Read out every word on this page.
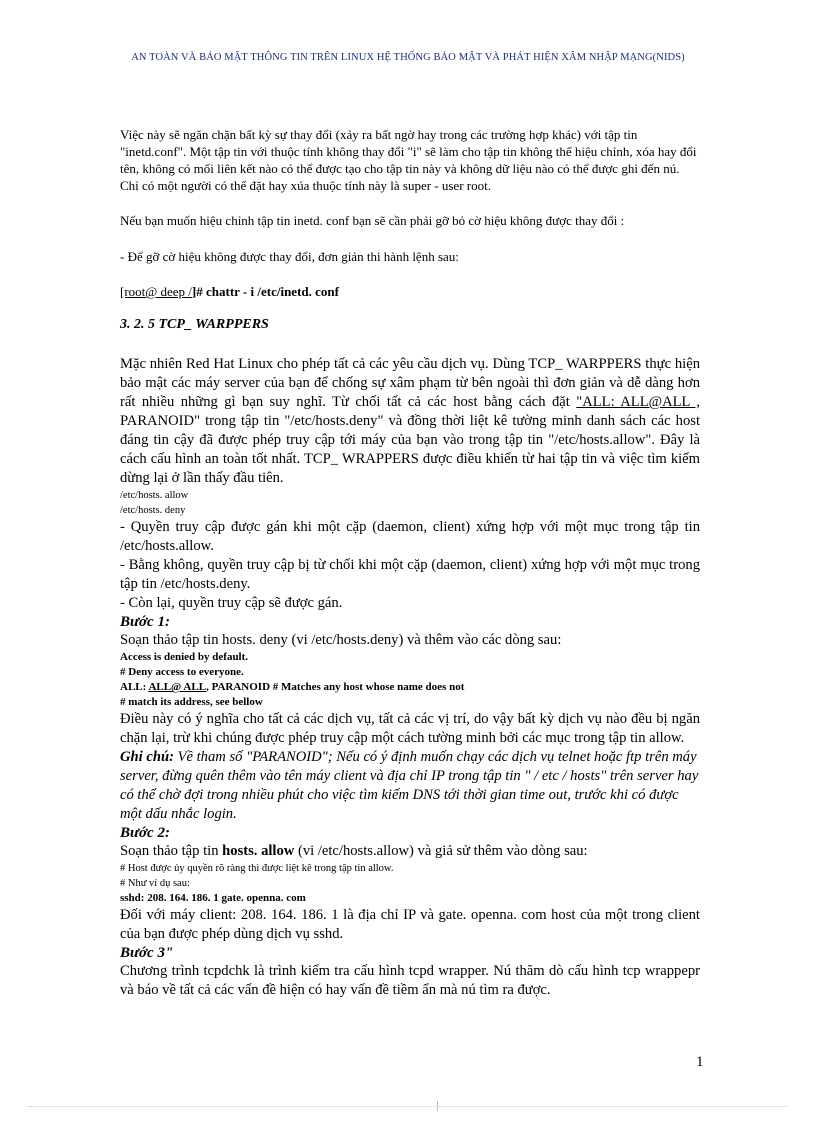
AN TOÀN VÀ BẢO MẬT THÔNG TIN TRÊN LINUX HỆ THỐNG BẢO MẬT VÀ PHÁT HIỆN XÂM NHẬP MẠNG(NIDS)

Việc này sẽ ngăn chặn bất kỳ sự thay đổi (xảy ra bất ngờ hay trong các trường hợp khác) với tập tin "inetd.conf". Một tập tin với thuộc tính không thay đổi "i" sẽ làm cho tập tin không thể hiệu chỉnh, xóa hay đổi tên, không có mối liên kết nào có thể được tạo cho tập tin này và không dữ liệu nào có thể được ghi đến nú. Chỉ có một người có thể đặt hay xúa thuộc tính này là super - user root.

Nếu bạn muốn hiệu chỉnh tập tin inetd. conf bạn sẽ cần phải gỡ bỏ cờ hiệu không được thay đổi :

- Để gỡ cờ hiệu không được thay đổi, đơn giản thi hành lệnh sau:

[root@ deep /]# chattr - i /etc/inetd. conf

3. 2. 5 TCP_ WARPPERS

Mặc nhiên Red Hat Linux cho phép tất cả các yêu cầu dịch vụ. Dùng TCP_ WARPPERS thực hiện bảo mật các máy server của bạn để chống sự xâm phạm từ bên ngoài thì đơn giản và dễ dàng hơn rất nhiều những gì bạn suy nghĩ. Từ chối tất cả các host bằng cách đặt "ALL: ALL@ALL , PARANOID" trong tập tin "/etc/hosts.deny" và đồng thời liệt kê tường minh danh sách các host đáng tin cậy đã được phép truy cập tới máy của bạn vào trong tập tin "/etc/hosts.allow". Đây là cách cấu hình an toàn tốt nhất. TCP_ WRAPPERS được điều khiển từ hai tập tin và việc tìm kiếm dừng lại ở lần thấy đầu tiên.

/etc/hosts. allow

/etc/hosts. deny

- Quyền truy cập được gán khi một cặp (daemon, client) xứng hợp với một mục trong tập tin /etc/hosts.allow.

- Bằng không, quyền truy cập bị từ chối khi một cặp (daemon, client) xứng hợp với một mục trong tập tin /etc/hosts.deny.

- Còn lại, quyền truy cập sẽ được gán.

Bước 1:

Soạn thảo tập tin hosts. deny (vi /etc/hosts.deny) và thêm vào các dòng sau:

Access is denied by default.

# Deny access to everyone.

ALL: ALL@ ALL, PARANOID # Matches any host whose name does not

# match its address, see bellow

Điều này có ý nghĩa cho tất cả các dịch vụ, tất cả các vị trí, do vậy bất kỳ dịch vụ nào đều bị ngăn chặn lại, trừ khi chúng được phép truy cập một cách tường minh bởi các mục trong tập tin allow.

Ghi chú: Về tham số "PARANOID"; Nếu có ý định muốn chạy các dịch vụ telnet hoặc ftp trên máy server, đừng quên thêm vào tên máy client và địa chỉ IP trong tập tin " / etc / hosts" trên server hay có thể chờ đợi trong nhiều phút cho việc tìm kiếm DNS tới thời gian time out, trước khi có được một dấu nhắc login.

Bước 2:

Soạn thảo tập tin hosts. allow (vi /etc/hosts.allow) và giả sử thêm vào dòng sau:

# Host được ủy quyền rõ ràng thì được liệt kê trong tập tin allow.

# Như ví dụ sau:

sshd: 208. 164. 186. 1 gate. openna. com

Đối với máy client: 208. 164. 186. 1 là địa chỉ IP và gate. openna. com host của một trong client của bạn được phép dùng dịch vụ sshd.

Bước 3"

Chương trình tcpdchk là trình kiểm tra cấu hình tcpd wrapper. Nú thăm dò cấu hình tcp wrappepr và báo về tất cả các vấn đề hiện có hay vấn đề tiềm ẩn mà nú tìm ra được.

1
